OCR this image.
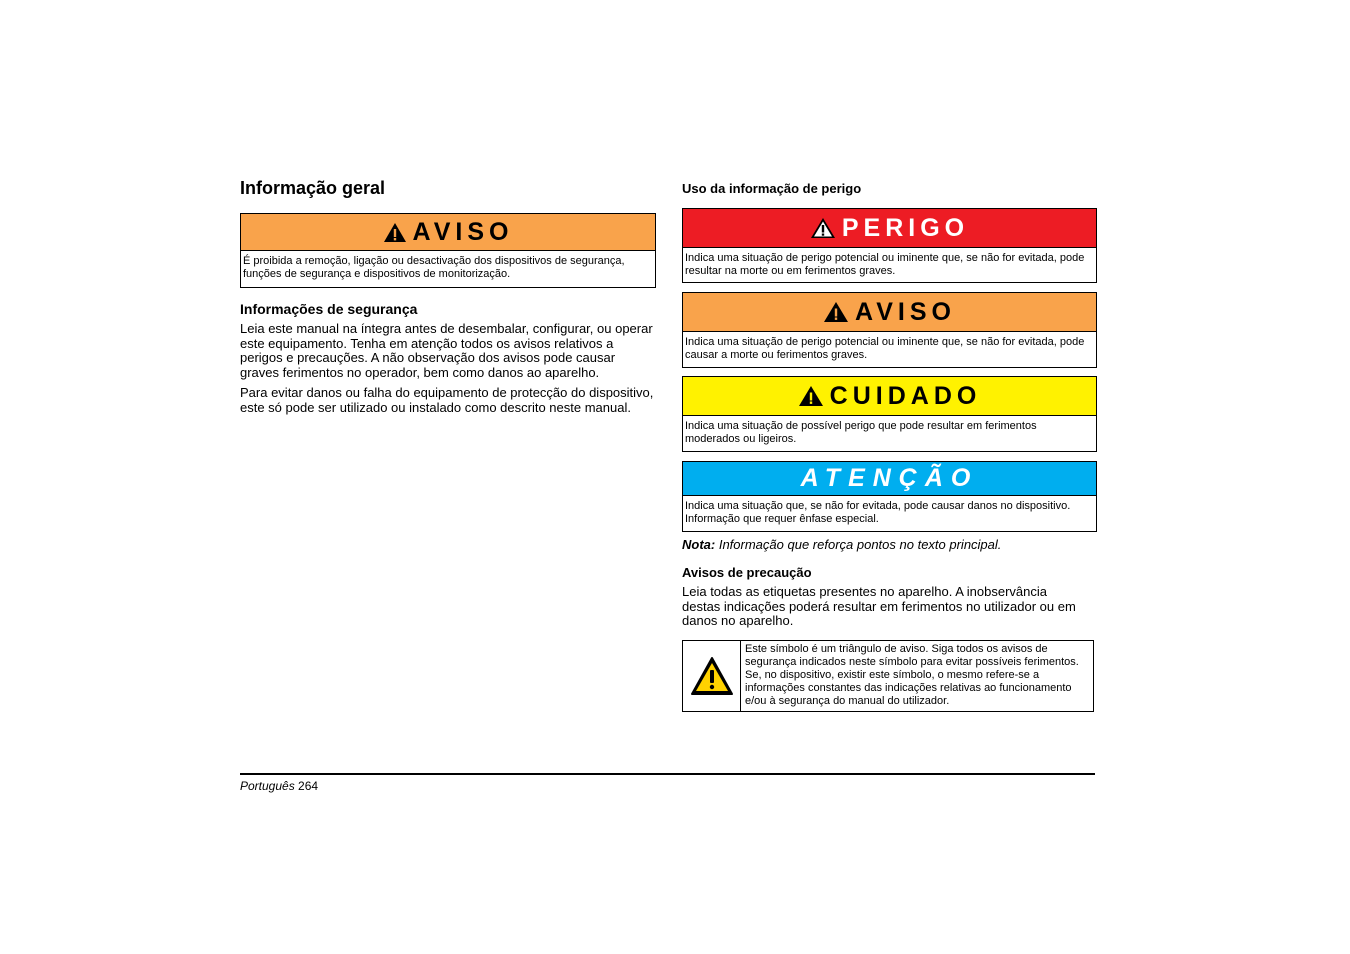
Informação geral
AVISO
É proibida a remoção, ligação ou desactivação dos dispositivos de segurança, funções de segurança e dispositivos de monitorização.
Informações de segurança

Leia este manual na íntegra antes de desembalar, configurar, ou operar este equipamento. Tenha em atenção todos os avisos relativos a perigos e precauções. A não observação dos avisos pode causar graves ferimentos no operador, bem como danos ao aparelho.

Para evitar danos ou falha do equipamento de protecção do dispositivo, este só pode ser utilizado ou instalado como descrito neste manual.

Uso da informação de perigo
PERIGO
Indica uma situação de perigo potencial ou iminente que, se não for evitada, pode resultar na morte ou em ferimentos graves.
AVISO
Indica uma situação de perigo potencial ou iminente que, se não for evitada, pode causar a morte ou ferimentos graves.
CUIDADO
Indica uma situação de possível perigo que pode resultar em ferimentos moderados ou ligeiros.
ATENÇÃO
Indica uma situação que, se não for evitada, pode causar danos no dispositivo. Informação que requer ênfase especial.

Nota: Informação que reforça pontos no texto principal.

Avisos de precaução

Leia todas as etiquetas presentes no aparelho. A inobservância destas indicações poderá resultar em ferimentos no utilizador ou em danos no aparelho.

Este símbolo é um triângulo de aviso. Siga todos os avisos de segurança indicados neste símbolo para evitar possíveis ferimentos. Se, no dispositivo, existir este símbolo, o mesmo refere-se a informações constantes das indicações relativas ao funcionamento e/ou à segurança do manual do utilizador.
Português 264
